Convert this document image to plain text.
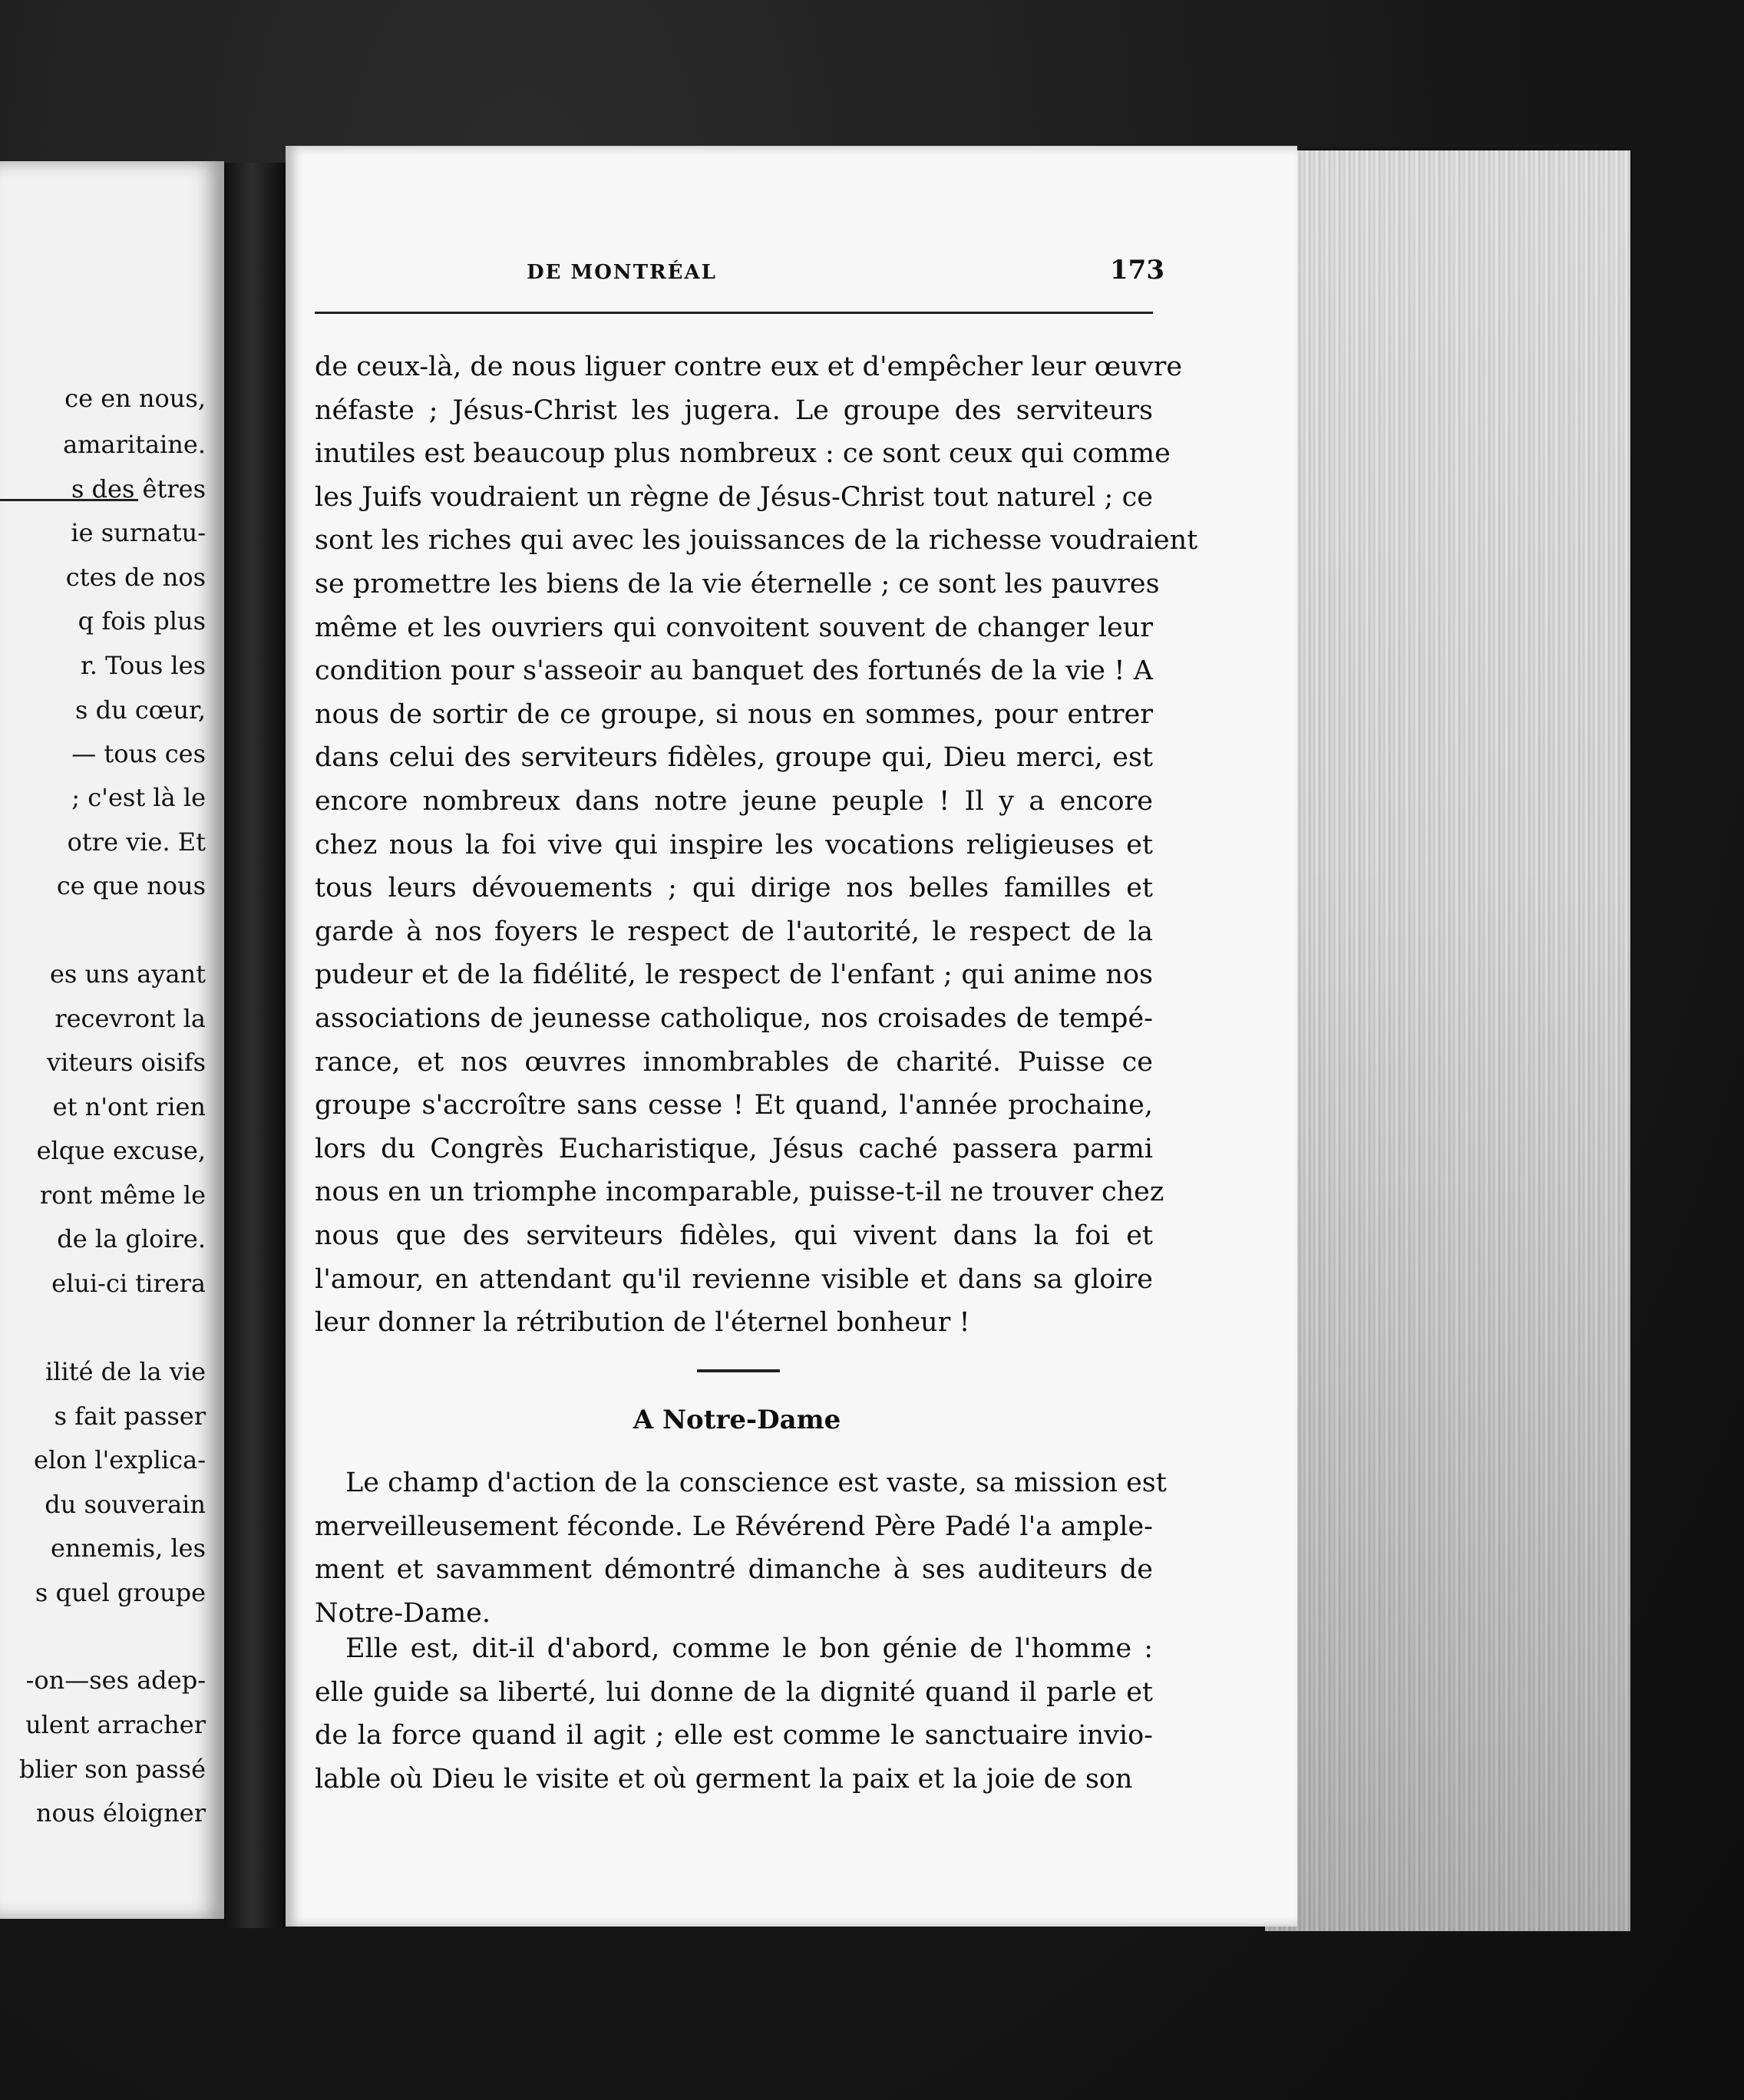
ce en nous,
amaritaine.
s des êtres
ie surnatu-
ctes de nos
q fois plus
r. Tous les
s du cœur,
— tous ces
; c'est là le
otre vie. Et
ce que nous
es uns ayant
recevront la
viteurs oisifs
et n'ont rien
elque excuse,
ront même le
de la gloire.
elui-ci tirera
ilité de la vie
s fait passer
elon l'explica-
du souverain
ennemis, les
s quel groupe
-on—ses adep-
ulent arracher
blier son passé
nous éloigner
DE MONTRÉAL	173
de ceux-là, de nous liguer contre eux et d'empêcher leur œuvre
néfaste ; Jésus-Christ les jugera. Le groupe des serviteurs
inutiles est beaucoup plus nombreux : ce sont ceux qui comme
les Juifs voudraient un règne de Jésus-Christ tout naturel ; ce
sont les riches qui avec les jouissances de la richesse voudraient
se promettre les biens de la vie éternelle ; ce sont les pauvres
même et les ouvriers qui convoitent souvent de changer leur
condition pour s'asseoir au banquet des fortunés de la vie ! A
nous de sortir de ce groupe, si nous en sommes, pour entrer
dans celui des serviteurs fidèles, groupe qui, Dieu merci, est
encore nombreux dans notre jeune peuple ! Il y a encore
chez nous la foi vive qui inspire les vocations religieuses et
tous leurs dévouements ; qui dirige nos belles familles et
garde à nos foyers le respect de l'autorité, le respect de la
pudeur et de la fidélité, le respect de l'enfant ; qui anime nos
associations de jeunesse catholique, nos croisades de tempé-
rance, et nos œuvres innombrables de charité. Puisse ce
groupe s'accroître sans cesse ! Et quand, l'année prochaine,
lors du Congrès Eucharistique, Jésus caché passera parmi
nous en un triomphe incomparable, puisse-t-il ne trouver chez
nous que des serviteurs fidèles, qui vivent dans la foi et
l'amour, en attendant qu'il revienne visible et dans sa gloire
leur donner la rétribution de l'éternel bonheur !
Le champ d'action de la conscience est vaste, sa mission est
merveilleusement féconde. Le Révérend Père Padé l'a ample-
ment et savamment démontré dimanche à ses auditeurs de
Notre-Dame.
Elle est, dit-il d'abord, comme le bon génie de l'homme :
elle guide sa liberté, lui donne de la dignité quand il parle et
de la force quand il agit ; elle est comme le sanctuaire invio-
lable où Dieu le visite et où germent la paix et la joie de son
A Notre-Dame
